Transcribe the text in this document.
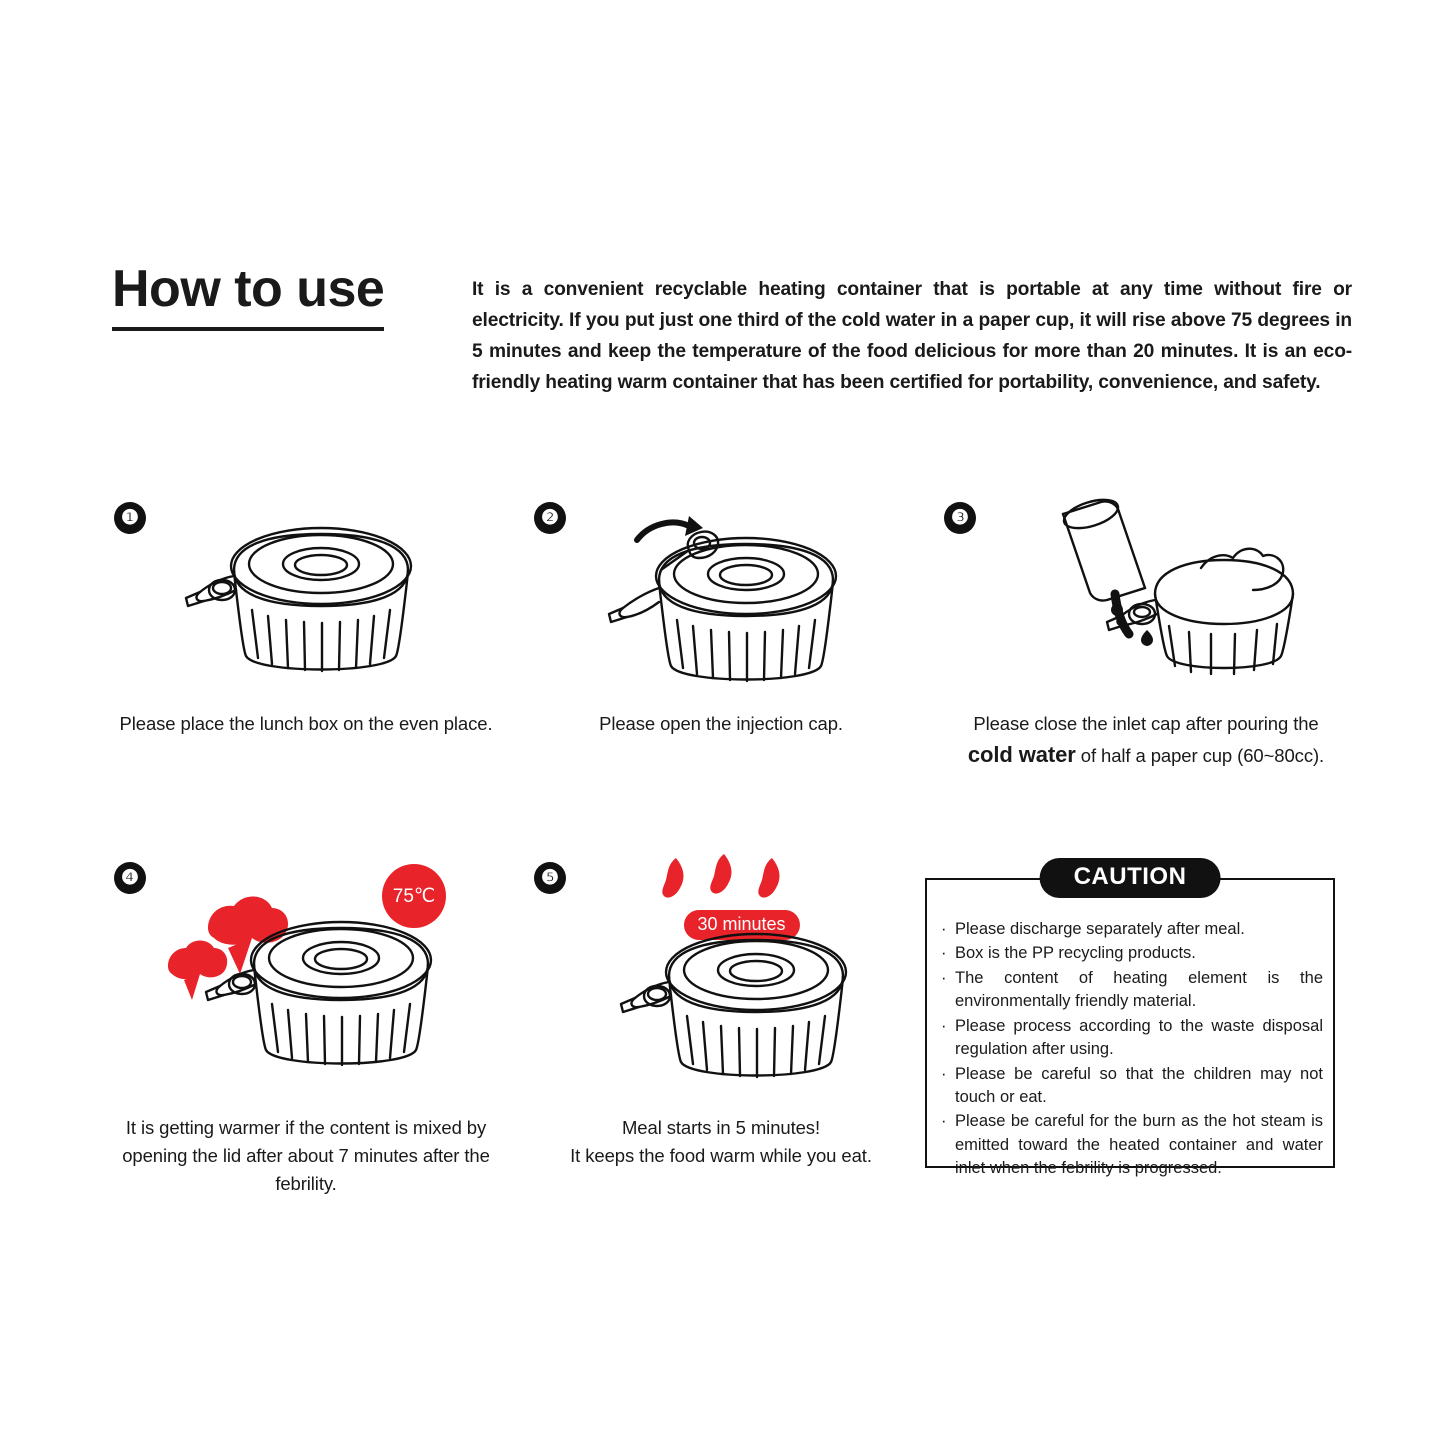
How to use	It is a convenient recyclable heating container that is portable at any time without fire or electricity. If you put just one third of the cold water in a paper cup, it will rise above 75 degrees in 5 minutes and keep the temperature of the food delicious for more than 20 minutes. It is an eco-friendly heating warm container that has been certified for portability, convenience, and safety.
❶
Please place the lunch box on the even place.
❷
Please open the injection cap.
❸
Please close the inlet cap after pouring the
cold water of half a paper cup (60~80cc).
❹
75℃
It is getting warmer if the content is mixed by opening the lid after about 7 minutes after the febrility.
❺
30 minutes
Meal starts in 5 minutes!
It keeps the food warm while you eat.
CAUTION
· Please discharge separately after meal.
· Box is the PP recycling products.
· The content of heating element is the environmentally friendly material.
· Please process according to the waste disposal regulation after using.
· Please be careful so that the children may not touch or eat.
· Please be careful for the burn as the hot steam is emitted toward the heated container and water inlet when the febrility is progressed.
